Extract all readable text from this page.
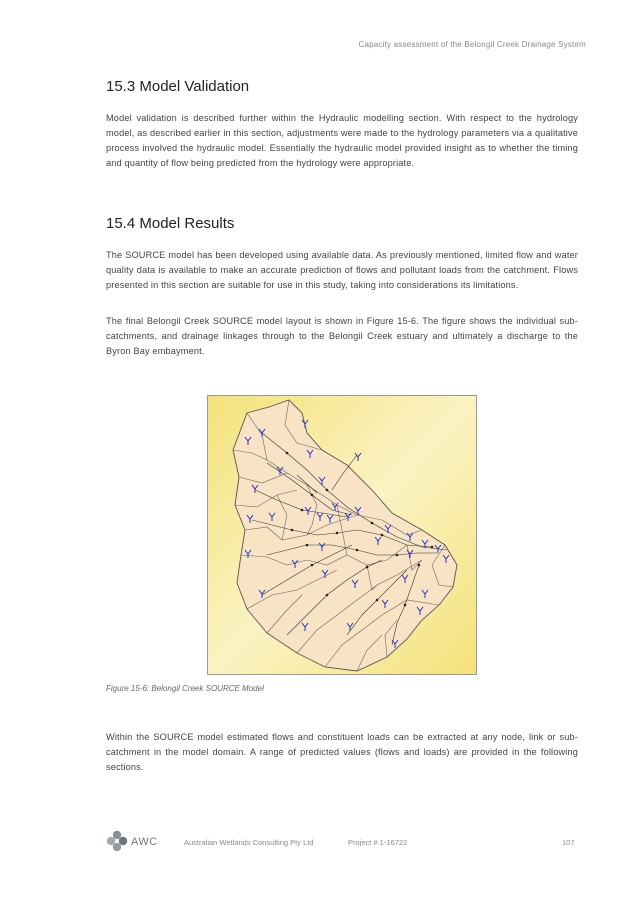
Capacity assessment of the Belongil Creek Drainage System
15.3 Model Validation

Model validation is described further within the Hydraulic modelling section. With respect to the hydrology model, as described earlier in this section, adjustments were made to the hydrology parameters via a qualitative process involved the hydraulic model. Essentially the hydraulic model provided insight as to whether the timing and quantity of flow being predicted from the hydrology were appropriate.

15.4 Model Results

The SOURCE model has been developed using available data. As previously mentioned, limited flow and water quality data is available to make an accurate prediction of flows and pollutant loads from the catchment. Flows presented in this section are suitable for use in this study, taking into considerations its limitations.

The final Belongil Creek SOURCE model layout is shown in Figure 15-6. The figure shows the individual sub-catchments, and drainage linkages through to the Belongil Creek estuary and ultimately a discharge to the Byron Bay embayment.

Figure 15-6: Belongil Creek SOURCE Model

Within the SOURCE model estimated flows and constituent loads can be extracted at any node, link or sub-catchment in the model domain. A range of predicted values (flows and loads) are provided in the following sections.

AWC	Australian Wetlands Consulting Pty Ltd	Project # 1-16722	107
